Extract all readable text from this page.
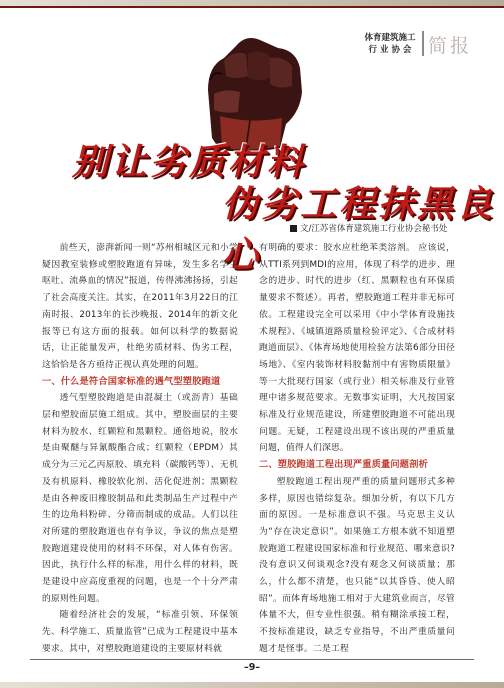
体育建筑施工
行 业 协 会 简报
别让劣质材料
伪劣工程抹黑良心
文/江苏省体育建筑施工行业协会秘书处

前些天，澎湃新闻一则“苏州相城区元和小学疑因教室装修或塑胶跑道有异味，发生多名学生呕吐、流鼻血的情况”报道，传得沸沸扬扬，引起了社会高度关注。其实，在2011年3月22日的江南时报、2013年的长沙晚报、2014年的新文化报等已有这方面的报载。如何以科学的数据说话，让正能量发声，杜绝劣质材料、伪劣工程，这恰恰是各方亟待正视认真处理的问题。

一、什么是符合国家标准的遇气型塑胶跑道

透气型塑胶跑道是由混凝土（或沥青）基础层和塑胶面层施工组成。其中，塑胶面层的主要材料为胶水、红颗粒和黑颗粒。通俗地说，胶水是由聚醚与异氰酸酯合成；红颗粒（EPDM）其成分为三元乙丙原胶、填充料（碳酸钙等）、无机及有机原料、橡胶软化剂、活化促进剂；黑颗粒是由各种废旧橡胶制品和此类制品生产过程中产生的边角料粉碎、分筛而制成的成品。人们以往对所建的塑胶跑道也存有争议，争议的焦点是塑胶跑道建设使用的材料不环保，对人体有伤害。因此，执行什么样的标准，用什么样的材料，既是建设中应高度重视的问题，也是一个十分严肃的原则性问题。

随着经济社会的发展，“标准引领、环保领先、科学施工、质量监管”已成为工程建设中基本要求。其中，对塑胶跑道建设的主要原材料就

有明确的要求：胶水应杜绝苯类溶剂。 应该说，从TTI系列到MDI的应用，体现了科学的进步、理念的进步、时代的进步（红、黑颗粒也有环保质量要求不赘述）。再者，塑胶跑道工程并非无标可依。工程建设完全可以采用《中小学体育设施技术规程》、《城镇道路质量检验评定》、《合成材料跑道面层》、《体育场地使用检验方法第6部分田径场地》、《室内装饰材料胶黏剂中有害物质限量》等一大批现行国家（或行业）相关标准及行业管理中诸多规范要求。无数事实证明，大凡按国家标准及行业规范建设，所建塑胶跑道不可能出现问题。无疑，工程建设出现不该出现的严重质量问题，值得人们深思。

二、塑胶跑道工程出现严重质量问题剖析

塑胶跑道工程出现严重的质量问题形式多种多样，原因也错综复杂。细加分析，有以下几方面的原因。一是标准意识不强。马克思主义认为“存在决定意识”。如果施工方根本就不知道塑胶跑道工程建设国家标准和行业规范、哪来意识?没有意识又何谈观念?没有观念又何谈质量；那么，什么都不清楚，也只能“以其昏昏、使人昭昭”。而体育场地施工相对于大建筑业而言，尽管体量不大，但专业性很强。稍有糊涂承接工程，不按标准建设，缺乏专业指导，不出严重质量问题才是怪事。二是工程

–9–
